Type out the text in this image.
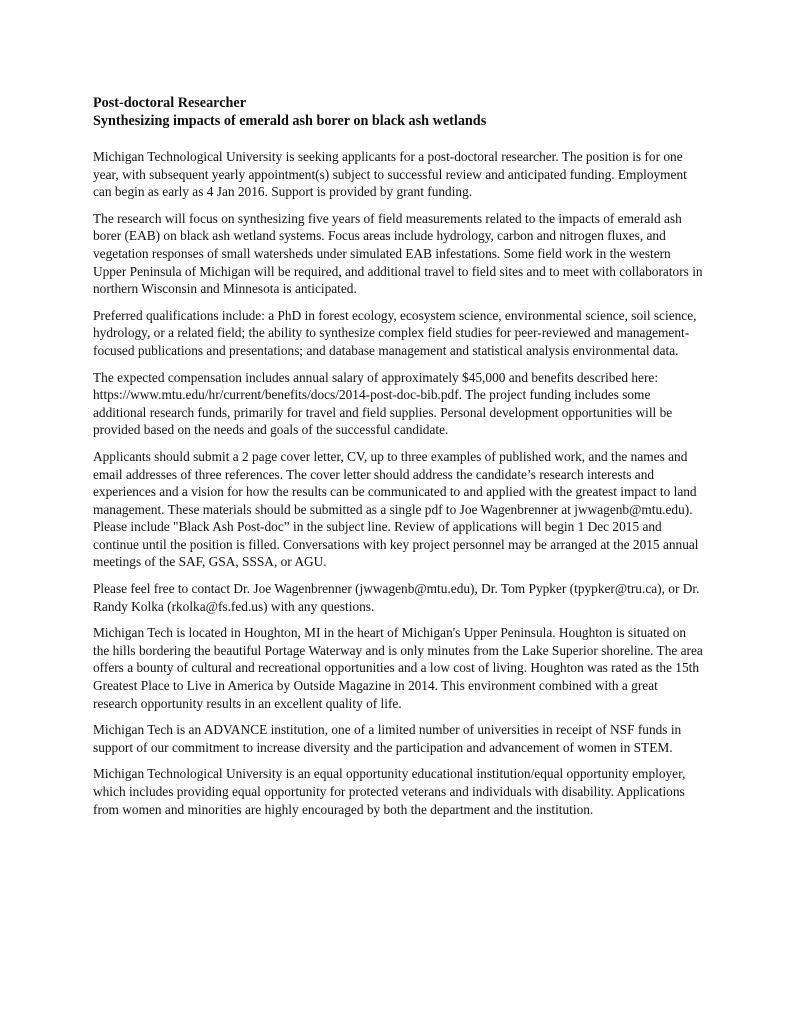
Post-doctoral Researcher
Synthesizing impacts of emerald ash borer on black ash wetlands

Michigan Technological University is seeking applicants for a post-doctoral researcher. The position is for one year, with subsequent yearly appointment(s) subject to successful review and anticipated funding. Employment can begin as early as 4 Jan 2016. Support is provided by grant funding.

The research will focus on synthesizing five years of field measurements related to the impacts of emerald ash borer (EAB) on black ash wetland systems. Focus areas include hydrology, carbon and nitrogen fluxes, and vegetation responses of small watersheds under simulated EAB infestations. Some field work in the western Upper Peninsula of Michigan will be required, and additional travel to field sites and to meet with collaborators in northern Wisconsin and Minnesota is anticipated.

Preferred qualifications include: a PhD in forest ecology, ecosystem science, environmental science, soil science, hydrology, or a related field; the ability to synthesize complex field studies for peer-reviewed and management-focused publications and presentations; and database management and statistical analysis environmental data.

The expected compensation includes annual salary of approximately $45,000 and benefits described here: https://www.mtu.edu/hr/current/benefits/docs/2014-post-doc-bib.pdf. The project funding includes some additional research funds, primarily for travel and field supplies. Personal development opportunities will be provided based on the needs and goals of the successful candidate.

Applicants should submit a 2 page cover letter, CV, up to three examples of published work, and the names and email addresses of three references. The cover letter should address the candidate’s research interests and experiences and a vision for how the results can be communicated to and applied with the greatest impact to land management. These materials should be submitted as a single pdf to Joe Wagenbrenner at jwwagenb@mtu.edu). Please include "Black Ash Post-doc” in the subject line. Review of applications will begin 1 Dec 2015 and continue until the position is filled. Conversations with key project personnel may be arranged at the 2015 annual meetings of the SAF, GSA, SSSA, or AGU.

Please feel free to contact Dr. Joe Wagenbrenner (jwwagenb@mtu.edu), Dr. Tom Pypker (tpypker@tru.ca), or Dr. Randy Kolka (rkolka@fs.fed.us) with any questions.

Michigan Tech is located in Houghton, MI in the heart of Michigan's Upper Peninsula. Houghton is situated on the hills bordering the beautiful Portage Waterway and is only minutes from the Lake Superior shoreline. The area offers a bounty of cultural and recreational opportunities and a low cost of living. Houghton was rated as the 15th Greatest Place to Live in America by Outside Magazine in 2014. This environment combined with a great research opportunity results in an excellent quality of life.

Michigan Tech is an ADVANCE institution, one of a limited number of universities in receipt of NSF funds in support of our commitment to increase diversity and the participation and advancement of women in STEM.

Michigan Technological University is an equal opportunity educational institution/equal opportunity employer, which includes providing equal opportunity for protected veterans and individuals with disability. Applications from women and minorities are highly encouraged by both the department and the institution.
